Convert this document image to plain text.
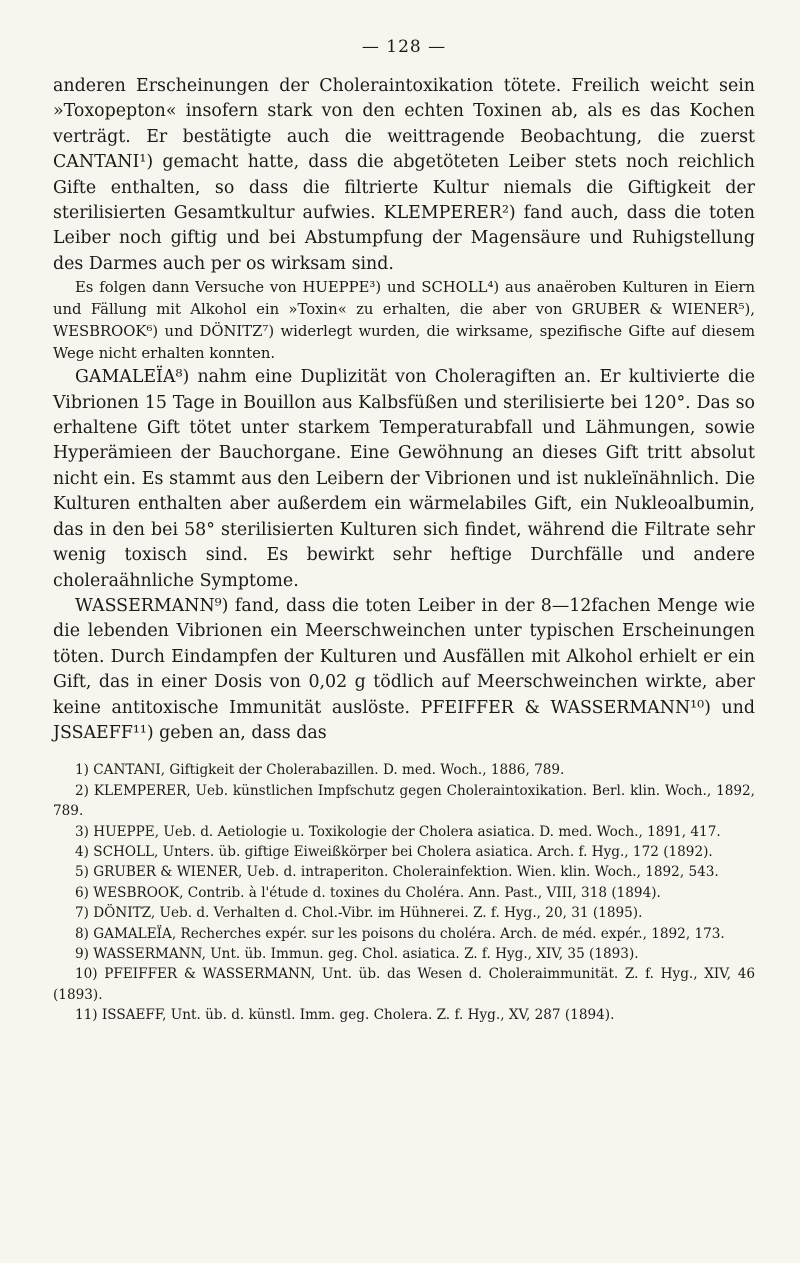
— 128 —

anderen Erscheinungen der Choleraintoxikation tötete. Freilich weicht sein »Toxopepton« insofern stark von den echten Toxinen ab, als es das Kochen verträgt. Er bestätigte auch die weittragende Beobachtung, die zuerst CANTANI¹) gemacht hatte, dass die abgetöteten Leiber stets noch reichlich Gifte enthalten, so dass die filtrierte Kultur niemals die Giftigkeit der sterilisierten Gesamtkultur aufwies. KLEMPERER²) fand auch, dass die toten Leiber noch giftig und bei Abstumpfung der Magensäure und Ruhigstellung des Darmes auch per os wirksam sind.

Es folgen dann Versuche von HUEPPE³) und SCHOLL⁴) aus anaëroben Kulturen in Eiern und Fällung mit Alkohol ein »Toxin« zu erhalten, die aber von GRUBER & WIENER⁵), WESBROOK⁶) und DÖNITZ⁷) widerlegt wurden, die wirksame, spezifische Gifte auf diesem Wege nicht erhalten konnten.

GAMALEÏA⁸) nahm eine Duplizität von Choleragiften an. Er kultivierte die Vibrionen 15 Tage in Bouillon aus Kalbsfüßen und sterilisierte bei 120°. Das so erhaltene Gift tötet unter starkem Temperaturabfall und Lähmungen, sowie Hyperämieen der Bauchorgane. Eine Gewöhnung an dieses Gift tritt absolut nicht ein. Es stammt aus den Leibern der Vibrionen und ist nukleïnähnlich. Die Kulturen enthalten aber außerdem ein wärmelabiles Gift, ein Nukleoalbumin, das in den bei 58° sterilisierten Kulturen sich findet, während die Filtrate sehr wenig toxisch sind. Es bewirkt sehr heftige Durchfälle und andere choleraähnliche Symptome.

WASSERMANN⁹) fand, dass die toten Leiber in der 8—12fachen Menge wie die lebenden Vibrionen ein Meerschweinchen unter typischen Erscheinungen töten. Durch Eindampfen der Kulturen und Ausfällen mit Alkohol erhielt er ein Gift, das in einer Dosis von 0,02 g tödlich auf Meerschweinchen wirkte, aber keine antitoxische Immunität auslöste. PFEIFFER & WASSERMANN¹⁰) und JSSAEFF¹¹) geben an, dass das

1) CANTANI, Giftigkeit der Cholerabazillen. D. med. Woch., 1886, 789.
2) KLEMPERER, Ueb. künstlichen Impfschutz gegen Choleraintoxikation. Berl. klin. Woch., 1892, 789.
3) HUEPPE, Ueb. d. Aetiologie u. Toxikologie der Cholera asiatica. D. med. Woch., 1891, 417.
4) SCHOLL, Unters. üb. giftige Eiweißkörper bei Cholera asiatica. Arch. f. Hyg., 172 (1892).
5) GRUBER & WIENER, Ueb. d. intraperiton. Cholerainfektion. Wien. klin. Woch., 1892, 543.
6) WESBROOK, Contrib. à l'étude d. toxines du Choléra. Ann. Past., VIII, 318 (1894).
7) DÖNITZ, Ueb. d. Verhalten d. Chol.-Vibr. im Hühnerei. Z. f. Hyg., 20, 31 (1895).
8) GAMALEÏA, Recherches expér. sur les poisons du choléra. Arch. de méd. expér., 1892, 173.
9) WASSERMANN, Unt. üb. Immun. geg. Chol. asiatica. Z. f. Hyg., XIV, 35 (1893).
10) PFEIFFER & WASSERMANN, Unt. üb. das Wesen d. Choleraimmunität. Z. f. Hyg., XIV, 46 (1893).
11) ISSAEFF, Unt. üb. d. künstl. Imm. geg. Cholera. Z. f. Hyg., XV, 287 (1894).
